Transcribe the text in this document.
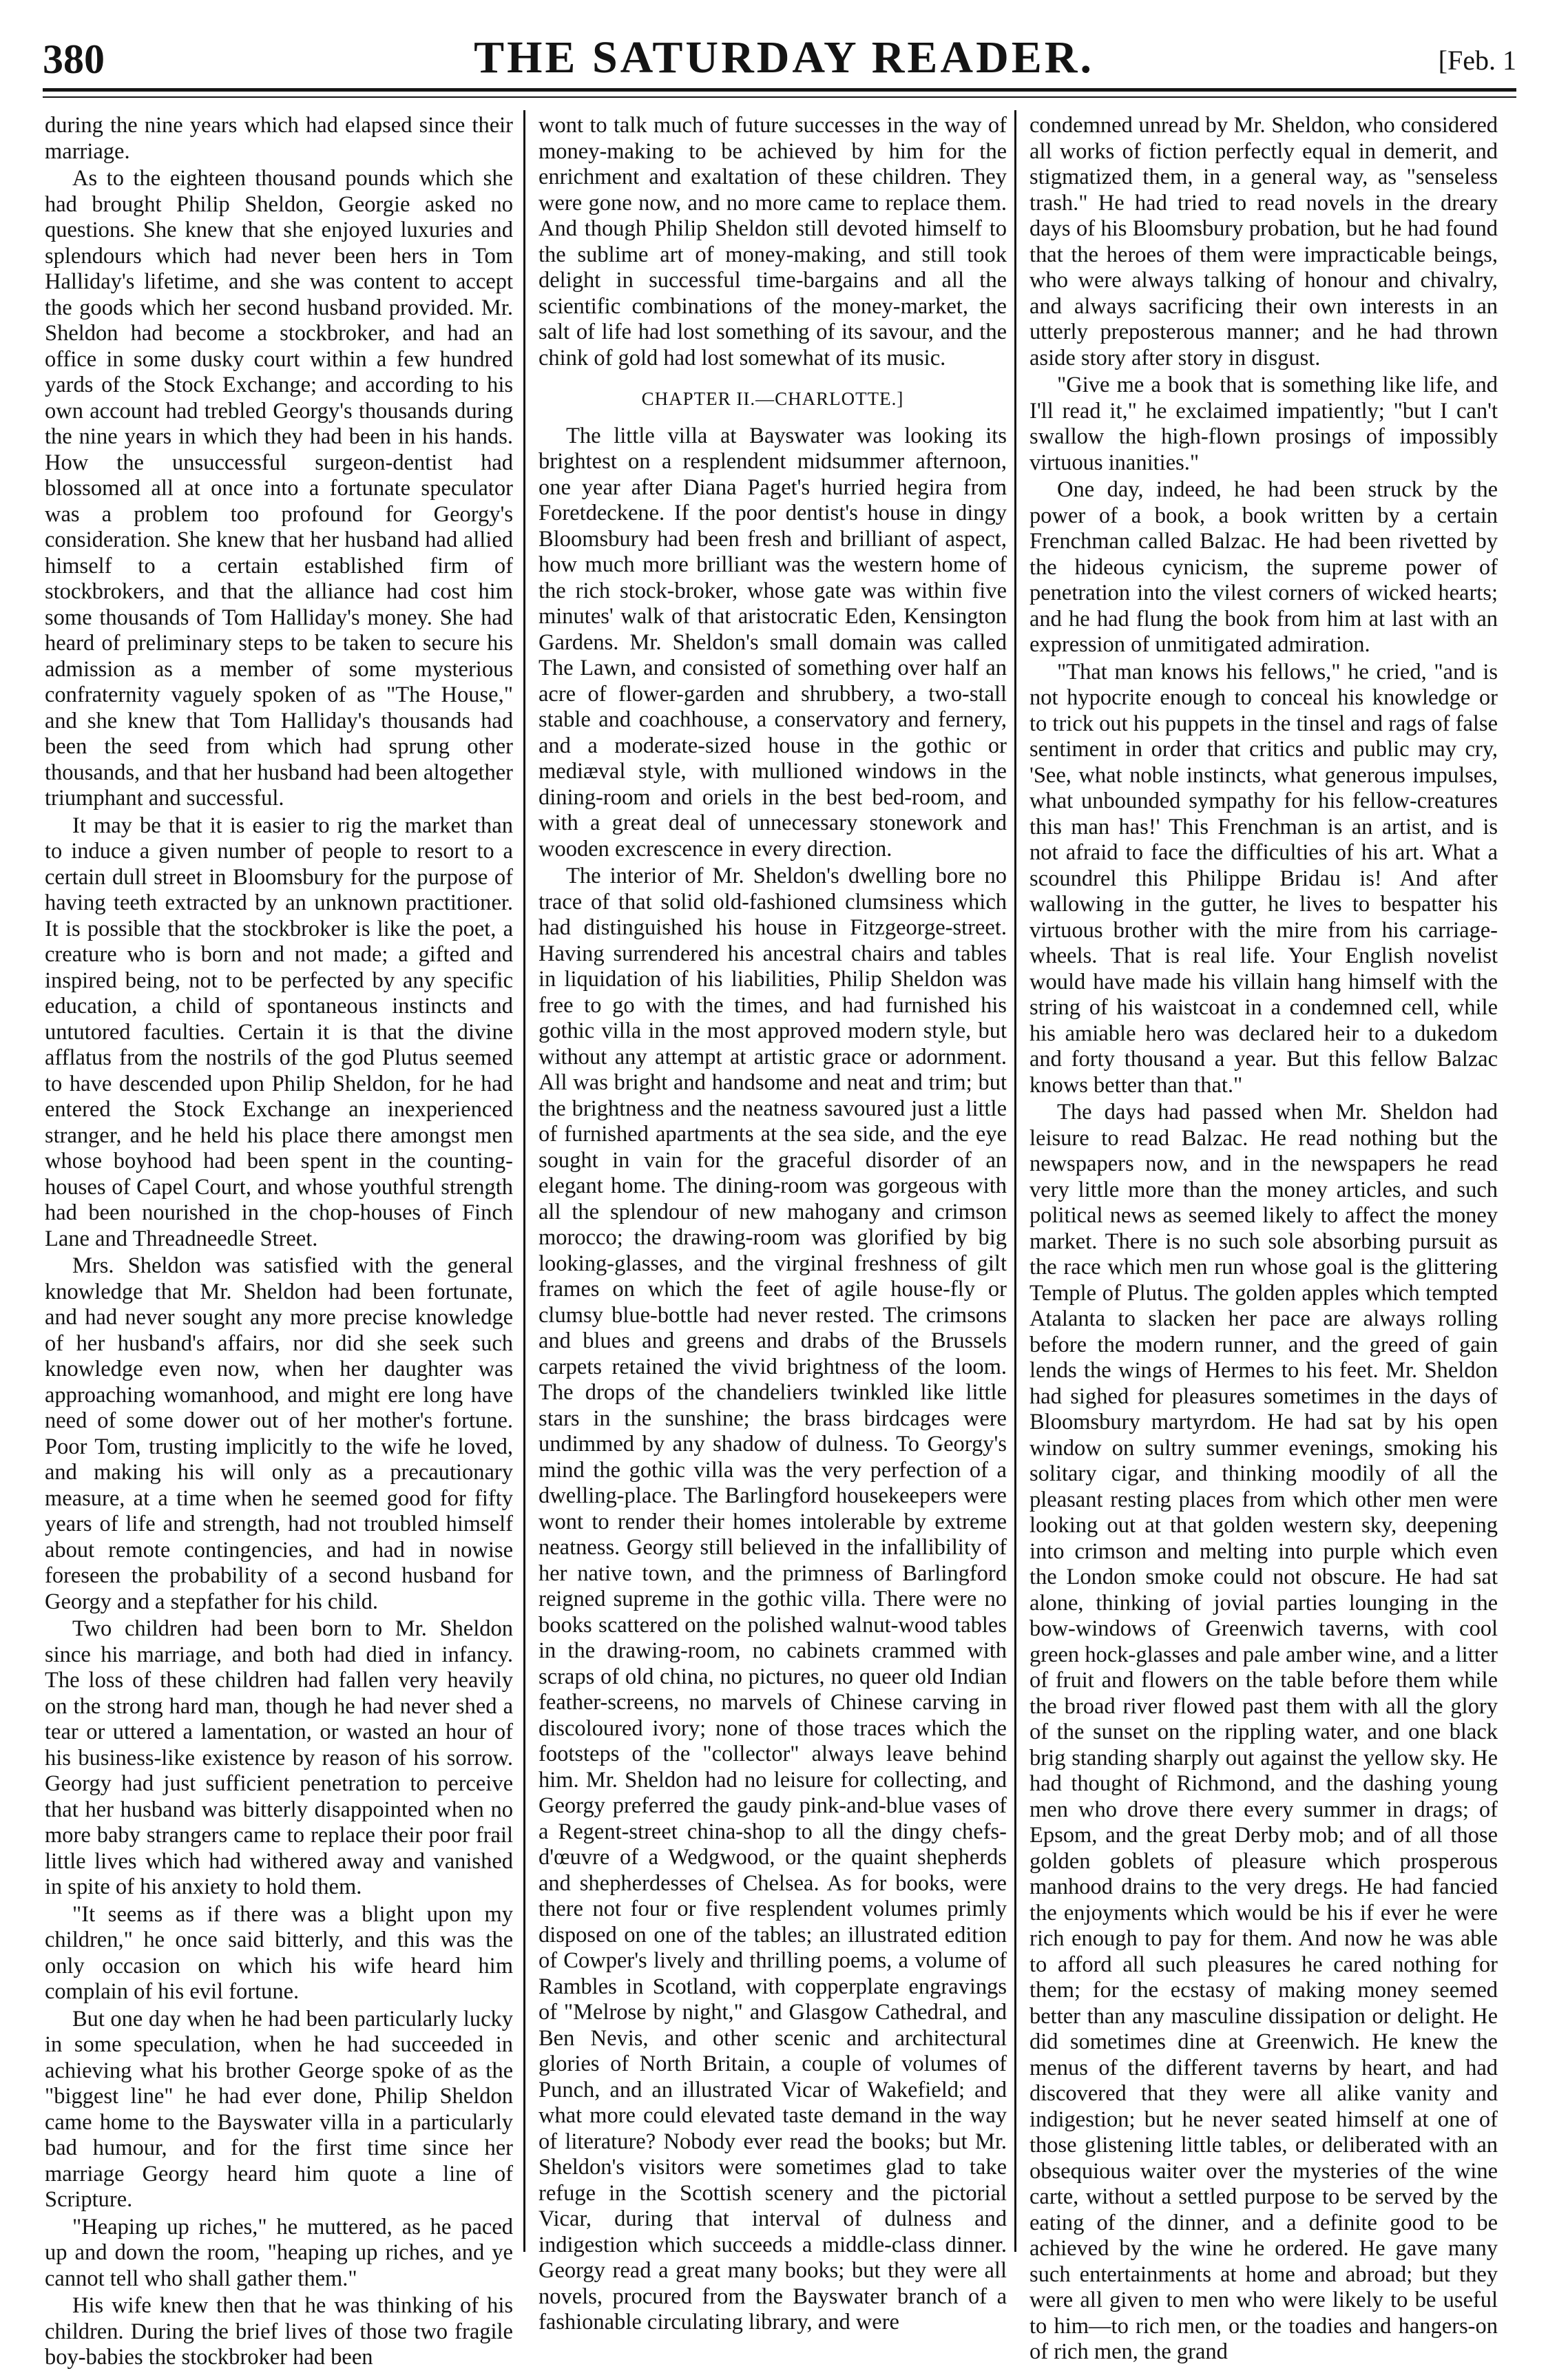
380	THE SATURDAY READER.	[Feb. 1

during the nine years which had elapsed since their marriage.

As to the eighteen thousand pounds which she had brought Philip Sheldon, Georgie asked no questions. She knew that she enjoyed luxuries and splendours which had never been hers in Tom Halliday's lifetime, and she was content to accept the goods which her second husband provided. Mr. Sheldon had become a stockbroker, and had an office in some dusky court within a few hundred yards of the Stock Exchange; and according to his own account had trebled Georgy's thousands during the nine years in which they had been in his hands. How the unsuccessful surgeon-dentist had blossomed all at once into a fortunate speculator was a problem too profound for Georgy's consideration. She knew that her husband had allied himself to a certain established firm of stockbrokers, and that the alliance had cost him some thousands of Tom Halliday's money. She had heard of preliminary steps to be taken to secure his admission as a member of some mysterious confraternity vaguely spoken of as "The House," and she knew that Tom Halliday's thousands had been the seed from which had sprung other thousands, and that her husband had been altogether triumphant and successful.

It may be that it is easier to rig the market than to induce a given number of people to resort to a certain dull street in Bloomsbury for the purpose of having teeth extracted by an unknown practitioner. It is possible that the stockbroker is like the poet, a creature who is born and not made; a gifted and inspired being, not to be perfected by any specific education, a child of spontaneous instincts and untutored faculties. Certain it is that the divine afflatus from the nostrils of the god Plutus seemed to have descended upon Philip Sheldon, for he had entered the Stock Exchange an inexperienced stranger, and he held his place there amongst men whose boyhood had been spent in the counting-houses of Capel Court, and whose youthful strength had been nourished in the chop-houses of Finch Lane and Threadneedle Street.

Mrs. Sheldon was satisfied with the general knowledge that Mr. Sheldon had been fortunate, and had never sought any more precise knowledge of her husband's affairs, nor did she seek such knowledge even now, when her daughter was approaching womanhood, and might ere long have need of some dower out of her mother's fortune. Poor Tom, trusting implicitly to the wife he loved, and making his will only as a precautionary measure, at a time when he seemed good for fifty years of life and strength, had not troubled himself about remote contingencies, and had in nowise foreseen the probability of a second husband for Georgy and a stepfather for his child.

Two children had been born to Mr. Sheldon since his marriage, and both had died in infancy. The loss of these children had fallen very heavily on the strong hard man, though he had never shed a tear or uttered a lamentation, or wasted an hour of his business-like existence by reason of his sorrow. Georgy had just sufficient penetration to perceive that her husband was bitterly disappointed when no more baby strangers came to replace their poor frail little lives which had withered away and vanished in spite of his anxiety to hold them.

"It seems as if there was a blight upon my children," he once said bitterly, and this was the only occasion on which his wife heard him complain of his evil fortune.

But one day when he had been particularly lucky in some speculation, when he had succeeded in achieving what his brother George spoke of as the "biggest line" he had ever done, Philip Sheldon came home to the Bayswater villa in a particularly bad humour, and for the first time since her marriage Georgy heard him quote a line of Scripture.

"Heaping up riches," he muttered, as he paced up and down the room, "heaping up riches, and ye cannot tell who shall gather them."

His wife knew then that he was thinking of his children. During the brief lives of those two fragile boy-babies the stockbroker had been

wont to talk much of future successes in the way of money-making to be achieved by him for the enrichment and exaltation of these children. They were gone now, and no more came to replace them. And though Philip Sheldon still devoted himself to the sublime art of money-making, and still took delight in successful time-bargains and all the scientific combinations of the money-market, the salt of life had lost something of its savour, and the chink of gold had lost somewhat of its music.

CHAPTER II.—CHARLOTTE.]

The little villa at Bayswater was looking its brightest on a resplendent midsummer afternoon, one year after Diana Paget's hurried hegira from Foretdeckene. If the poor dentist's house in dingy Bloomsbury had been fresh and brilliant of aspect, how much more brilliant was the western home of the rich stock-broker, whose gate was within five minutes' walk of that aristocratic Eden, Kensington Gardens. Mr. Sheldon's small domain was called The Lawn, and consisted of something over half an acre of flower-garden and shrubbery, a two-stall stable and coachhouse, a conservatory and fernery, and a moderate-sized house in the gothic or mediæval style, with mullioned windows in the dining-room and oriels in the best bed-room, and with a great deal of unnecessary stonework and wooden excrescence in every direction.

The interior of Mr. Sheldon's dwelling bore no trace of that solid old-fashioned clumsiness which had distinguished his house in Fitzgeorge-street. Having surrendered his ancestral chairs and tables in liquidation of his liabilities, Philip Sheldon was free to go with the times, and had furnished his gothic villa in the most approved modern style, but without any attempt at artistic grace or adornment. All was bright and handsome and neat and trim; but the brightness and the neatness savoured just a little of furnished apartments at the sea side, and the eye sought in vain for the graceful disorder of an elegant home. The dining-room was gorgeous with all the splendour of new mahogany and crimson morocco; the drawing-room was glorified by big looking-glasses, and the virginal freshness of gilt frames on which the feet of agile house-fly or clumsy blue-bottle had never rested. The crimsons and blues and greens and drabs of the Brussels carpets retained the vivid brightness of the loom. The drops of the chandeliers twinkled like little stars in the sunshine; the brass birdcages were undimmed by any shadow of dulness. To Georgy's mind the gothic villa was the very perfection of a dwelling-place. The Barlingford housekeepers were wont to render their homes intolerable by extreme neatness. Georgy still believed in the infallibility of her native town, and the primness of Barlingford reigned supreme in the gothic villa. There were no books scattered on the polished walnut-wood tables in the drawing-room, no cabinets crammed with scraps of old china, no pictures, no queer old Indian feather-screens, no marvels of Chinese carving in discoloured ivory; none of those traces which the footsteps of the "collector" always leave behind him. Mr. Sheldon had no leisure for collecting, and Georgy preferred the gaudy pink-and-blue vases of a Regent-street china-shop to all the dingy chefs-d'œuvre of a Wedgwood, or the quaint shepherds and shepherdesses of Chelsea. As for books, were there not four or five resplendent volumes primly disposed on one of the tables; an illustrated edition of Cowper's lively and thrilling poems, a volume of Rambles in Scotland, with copperplate engravings of "Melrose by night," and Glasgow Cathedral, and Ben Nevis, and other scenic and architectural glories of North Britain, a couple of volumes of Punch, and an illustrated Vicar of Wakefield; and what more could elevated taste demand in the way of literature? Nobody ever read the books; but Mr. Sheldon's visitors were sometimes glad to take refuge in the Scottish scenery and the pictorial Vicar, during that interval of dulness and indigestion which succeeds a middle-class dinner. Georgy read a great many books; but they were all novels, procured from the Bayswater branch of a fashionable circulating library, and were

condemned unread by Mr. Sheldon, who considered all works of fiction perfectly equal in demerit, and stigmatized them, in a general way, as "senseless trash." He had tried to read novels in the dreary days of his Bloomsbury probation, but he had found that the heroes of them were impracticable beings, who were always talking of honour and chivalry, and always sacrificing their own interests in an utterly preposterous manner; and he had thrown aside story after story in disgust.

"Give me a book that is something like life, and I'll read it," he exclaimed impatiently; "but I can't swallow the high-flown prosings of impossibly virtuous inanities."

One day, indeed, he had been struck by the power of a book, a book written by a certain Frenchman called Balzac. He had been rivetted by the hideous cynicism, the supreme power of penetration into the vilest corners of wicked hearts; and he had flung the book from him at last with an expression of unmitigated admiration.

"That man knows his fellows," he cried, "and is not hypocrite enough to conceal his knowledge or to trick out his puppets in the tinsel and rags of false sentiment in order that critics and public may cry, 'See, what noble instincts, what generous impulses, what unbounded sympathy for his fellow-creatures this man has!' This Frenchman is an artist, and is not afraid to face the difficulties of his art. What a scoundrel this Philippe Bridau is! And after wallowing in the gutter, he lives to bespatter his virtuous brother with the mire from his carriage-wheels. That is real life. Your English novelist would have made his villain hang himself with the string of his waistcoat in a condemned cell, while his amiable hero was declared heir to a dukedom and forty thousand a year. But this fellow Balzac knows better than that."

The days had passed when Mr. Sheldon had leisure to read Balzac. He read nothing but the newspapers now, and in the newspapers he read very little more than the money articles, and such political news as seemed likely to affect the money market. There is no such sole absorbing pursuit as the race which men run whose goal is the glittering Temple of Plutus. The golden apples which tempted Atalanta to slacken her pace are always rolling before the modern runner, and the greed of gain lends the wings of Hermes to his feet. Mr. Sheldon had sighed for pleasures sometimes in the days of Bloomsbury martyrdom. He had sat by his open window on sultry summer evenings, smoking his solitary cigar, and thinking moodily of all the pleasant resting places from which other men were looking out at that golden western sky, deepening into crimson and melting into purple which even the London smoke could not obscure. He had sat alone, thinking of jovial parties lounging in the bow-windows of Greenwich taverns, with cool green hock-glasses and pale amber wine, and a litter of fruit and flowers on the table before them while the broad river flowed past them with all the glory of the sunset on the rippling water, and one black brig standing sharply out against the yellow sky. He had thought of Richmond, and the dashing young men who drove there every summer in drags; of Epsom, and the great Derby mob; and of all those golden goblets of pleasure which prosperous manhood drains to the very dregs. He had fancied the enjoyments which would be his if ever he were rich enough to pay for them. And now he was able to afford all such pleasures he cared nothing for them; for the ecstasy of making money seemed better than any masculine dissipation or delight. He did sometimes dine at Greenwich. He knew the menus of the different taverns by heart, and had discovered that they were all alike vanity and indigestion; but he never seated himself at one of those glistening little tables, or deliberated with an obsequious waiter over the mysteries of the wine carte, without a settled purpose to be served by the eating of the dinner, and a definite good to be achieved by the wine he ordered. He gave many such entertainments at home and abroad; but they were all given to men who were likely to be useful to him—to rich men, or the toadies and hangers-on of rich men, the grand
